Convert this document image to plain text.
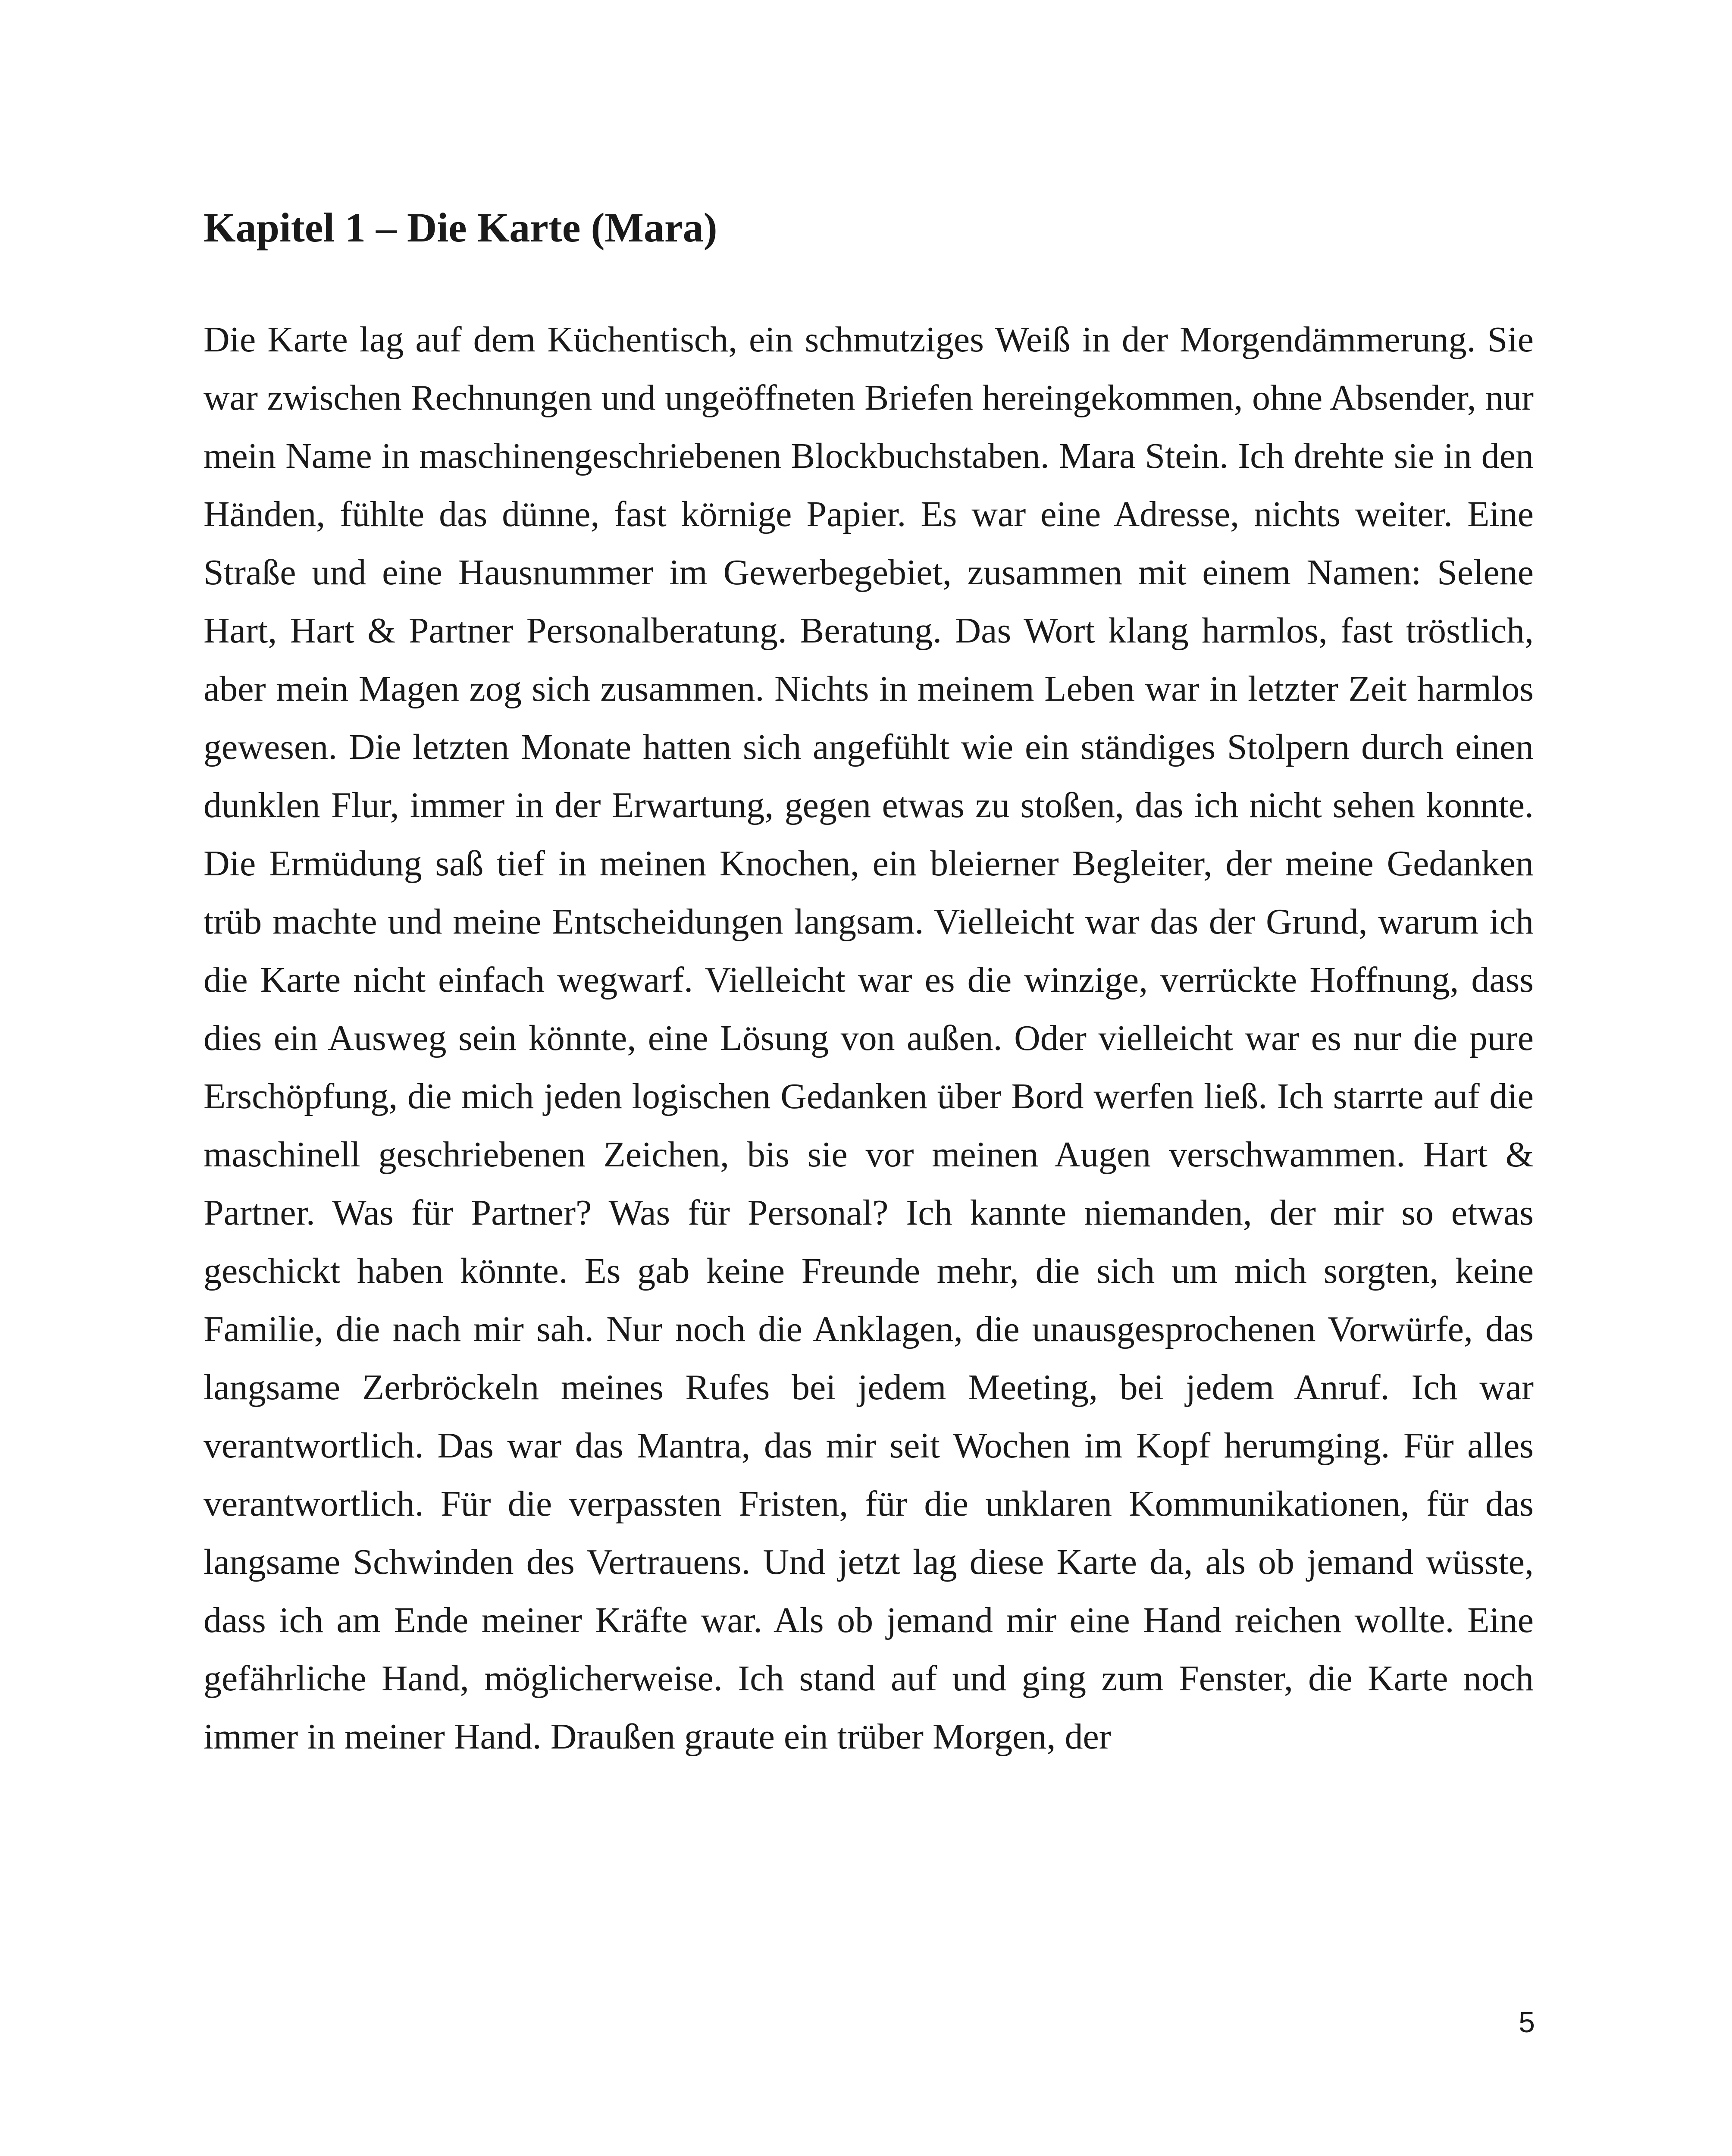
Kapitel 1 – Die Karte (Mara)

Die Karte lag auf dem Küchentisch, ein schmutziges Weiß in der Morgendämmerung. Sie war zwischen Rechnungen und ungeöffneten Briefen hereingekommen, ohne Absender, nur mein Name in maschinengeschriebenen Blockbuchstaben. Mara Stein. Ich drehte sie in den Händen, fühlte das dünne, fast körnige Papier. Es war eine Adresse, nichts weiter. Eine Straße und eine Hausnummer im Gewerbegebiet, zusammen mit einem Namen: Selene Hart, Hart & Partner Personalberatung. Beratung. Das Wort klang harmlos, fast tröstlich, aber mein Magen zog sich zusammen. Nichts in meinem Leben war in letzter Zeit harmlos gewesen. Die letzten Monate hatten sich angefühlt wie ein ständiges Stolpern durch einen dunklen Flur, immer in der Erwartung, gegen etwas zu stoßen, das ich nicht sehen konnte. Die Ermüdung saß tief in meinen Knochen, ein bleierner Begleiter, der meine Gedanken trüb machte und meine Entscheidungen langsam. Vielleicht war das der Grund, warum ich die Karte nicht einfach wegwarf. Vielleicht war es die winzige, verrückte Hoffnung, dass dies ein Ausweg sein könnte, eine Lösung von außen. Oder vielleicht war es nur die pure Erschöpfung, die mich jeden logischen Gedanken über Bord werfen ließ. Ich starrte auf die maschinell geschriebenen Zeichen, bis sie vor meinen Augen verschwammen. Hart & Partner. Was für Partner? Was für Personal? Ich kannte niemanden, der mir so etwas geschickt haben könnte. Es gab keine Freunde mehr, die sich um mich sorgten, keine Familie, die nach mir sah. Nur noch die Anklagen, die unausgesprochenen Vorwürfe, das langsame Zerbröckeln meines Rufes bei jedem Meeting, bei jedem Anruf. Ich war verantwortlich. Das war das Mantra, das mir seit Wochen im Kopf herumging. Für alles verantwortlich. Für die verpassten Fristen, für die unklaren Kommunikationen, für das langsame Schwinden des Vertrauens. Und jetzt lag diese Karte da, als ob jemand wüsste, dass ich am Ende meiner Kräfte war. Als ob jemand mir eine Hand reichen wollte. Eine gefährliche Hand, möglicherweise. Ich stand auf und ging zum Fenster, die Karte noch immer in meiner Hand. Draußen graute ein trüber Morgen, der

5
